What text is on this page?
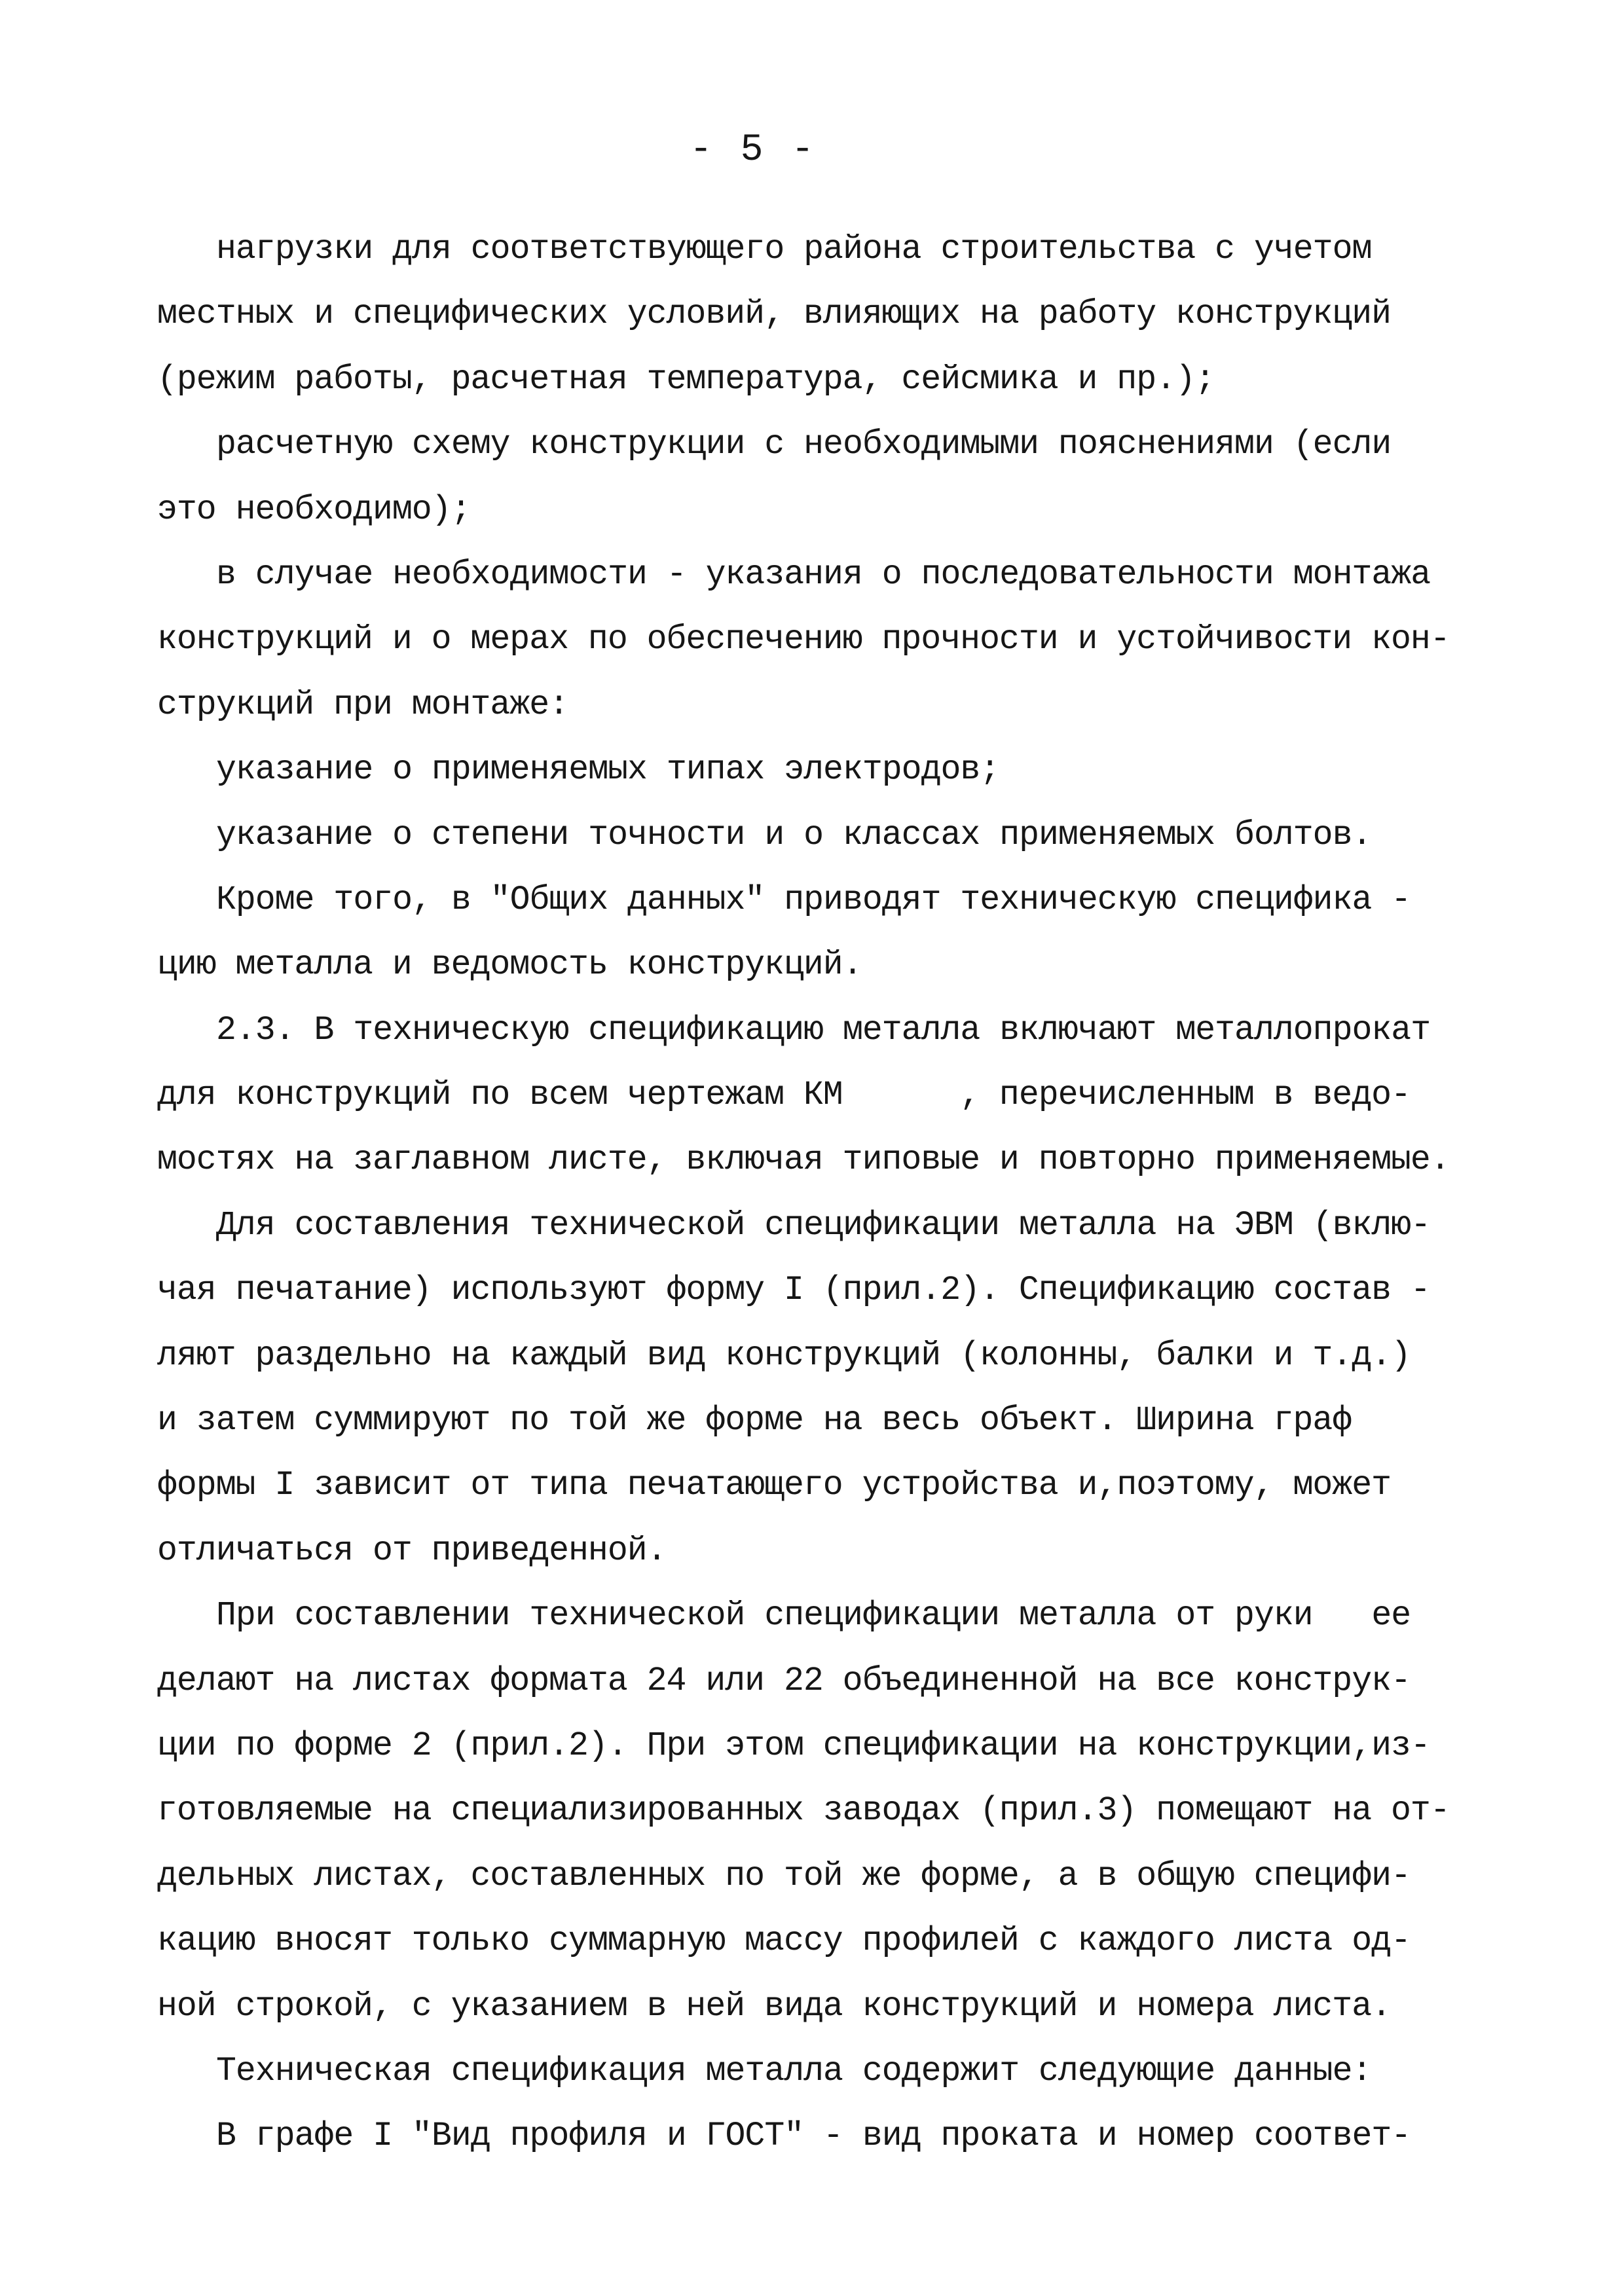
- 5 -
нагрузки для соответствующего района строительства с учетом
местных и специфических условий, влияющих на работу конструкций
(режим работы, расчетная температура, сейсмика и пр.);
расчетную схему конструкции с необходимыми пояснениями (если
это необходимо);
в случае необходимости - указания о последовательности монтажа
конструкций и о мерах по обеспечению прочности и устойчивости кон-
струкций при монтаже:
указание о применяемых типах электродов;
указание о степени точности и о классах применяемых болтов.
Кроме того, в "Общих данных" приводят техническую специфика -
цию металла и ведомость конструкций.
2.3. В техническую спецификацию металла включают металлопрокат
для конструкций по всем чертежам КМ      , перечисленным в ведо-
мостях на заглавном листе, включая типовые и повторно применяемые.
Для составления технической спецификации металла на ЭВМ (вклю-
чая печатание) используют форму I (прил.2). Спецификацию состав -
ляют раздельно на каждый вид конструкций (колонны, балки и т.д.)
и затем суммируют по той же форме на весь объект. Ширина граф
формы I зависит от типа печатающего устройства и,поэтому, может
отличаться от приведенной.
При составлении технической спецификации металла от руки   ее
делают на листах формата 24 или 22 объединенной на все конструк-
ции по форме 2 (прил.2). При этом спецификации на конструкции,из-
готовляемые на специализированных заводах (прил.3) помещают на от-
дельных листах, составленных по той же форме, а в общую специфи-
кацию вносят только суммарную массу профилей с каждого листа од-
ной строкой, с указанием в ней вида конструкций и номера листа.
Техническая спецификация металла содержит следующие данные:
В графе I "Вид профиля и ГОСТ" - вид проката и номер соответ-
